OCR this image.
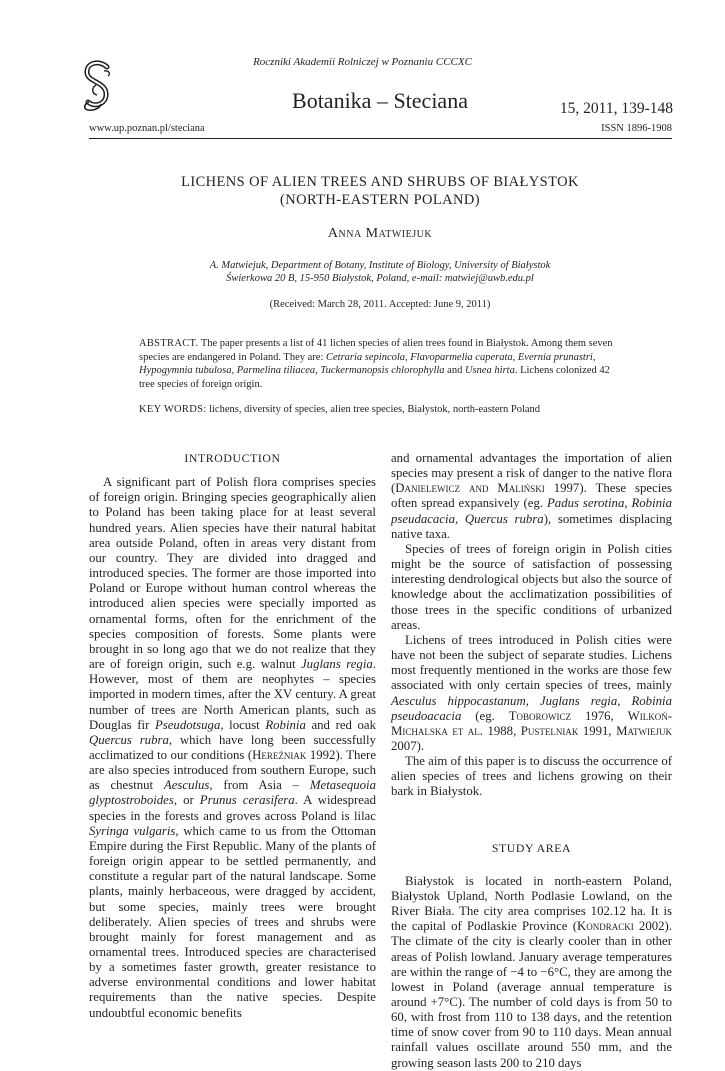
Roczniki Akademii Rolniczej w Poznaniu CCCXC
Botanika – Steciana	15, 2011, 139-148
www.up.poznan.pl/steciana	ISSN 1896-1908
LICHENS OF ALIEN TREES AND SHRUBS OF BIAŁYSTOK
(NORTH-EASTERN POLAND)
Anna Matwiejuk
A. Matwiejuk, Department of Botany, Institute of Biology, University of Białystok
Świerkowa 20 B, 15-950 Białystok, Poland, e-mail: matwiej@uwb.edu.pl
(Received: March 28, 2011. Accepted: June 9, 2011)
ABSTRACT. The paper presents a list of 41 lichen species of alien trees found in Białystok. Among them seven species are endangered in Poland. They are: Cetraria sepincola, Flavoparmelia caperata, Evernia prunastri, Hypogymnia tubulosa, Parmelina tiliacea, Tuckermanopsis chlorophylla and Usnea hirta. Lichens colonized 42 tree species of foreign origin.
KEY WORDS: lichens, diversity of species, alien tree species, Białystok, north-eastern Poland
INTRODUCTION

A significant part of Polish flora comprises species of foreign origin. Bringing species geographically alien to Poland has been taking place for at least several hundred years. Alien species have their natural habitat area outside Poland, often in areas very distant from our country. They are divided into dragged and introduced species. The former are those imported into Poland or Europe without human control whereas the introduced alien species were specially imported as ornamental forms, often for the enrichment of the species composition of forests. Some plants were brought in so long ago that we do not realize that they are of foreign origin, such e.g. walnut Juglans regia. However, most of them are neophytes – species imported in modern times, after the XV century. A great number of trees are North American plants, such as Douglas fir Pseudotsuga, locust Robinia and red oak Quercus rubra, which have long been successfully acclimatized to our conditions (Hereźniak 1992). There are also species introduced from southern Europe, such as chestnut Aesculus, from Asia – Metasequoia glyptostroboides, or Prunus cerasifera. A widespread species in the forests and groves across Poland is lilac Syringa vulgaris, which came to us from the Ottoman Empire during the First Republic. Many of the plants of foreign origin appear to be settled permanently, and constitute a regular part of the natural landscape. Some plants, mainly herbaceous, were dragged by accident, but some species, mainly trees were brought deliberately. Alien species of trees and shrubs were brought mainly for forest management and as ornamental trees. Introduced species are characterised by a sometimes faster growth, greater resistance to adverse environmental conditions and lower habitat requirements than the native species. Despite undoubtful economic benefits

and ornamental advantages the importation of alien species may present a risk of danger to the native flora (Danielewicz and Maliński 1997). These species often spread expansively (eg. Padus serotina, Robinia pseudacacia, Quercus rubra), sometimes displacing native taxa.

Species of trees of foreign origin in Polish cities might be the source of satisfaction of possessing interesting dendrological objects but also the source of knowledge about the acclimatization possibilities of those trees in the specific conditions of urbanized areas.

Lichens of trees introduced in Polish cities were have not been the subject of separate studies. Lichens most frequently mentioned in the works are those few associated with only certain species of trees, mainly Aesculus hippocastanum, Juglans regia, Robinia pseudoacacia (eg. Toborowicz 1976, Wilkoń-Michalska et al. 1988, Pustelniak 1991, Matwiejuk 2007).

The aim of this paper is to discuss the occurrence of alien species of trees and lichens growing on their bark in Białystok.

STUDY AREA

Białystok is located in north-eastern Poland, Białystok Upland, North Podlasie Lowland, on the River Biała. The city area comprises 102.12 ha. It is the capital of Podlaskie Province (Kondracki 2002). The climate of the city is clearly cooler than in other areas of Polish lowland. January average temperatures are within the range of −4 to −6°C, they are among the lowest in Poland (average annual temperature is around +7°C). The number of cold days is from 50 to 60, with frost from 110 to 138 days, and the retention time of snow cover from 90 to 110 days. Mean annual rainfall values oscillate around 550 mm, and the growing season lasts 200 to 210 days
